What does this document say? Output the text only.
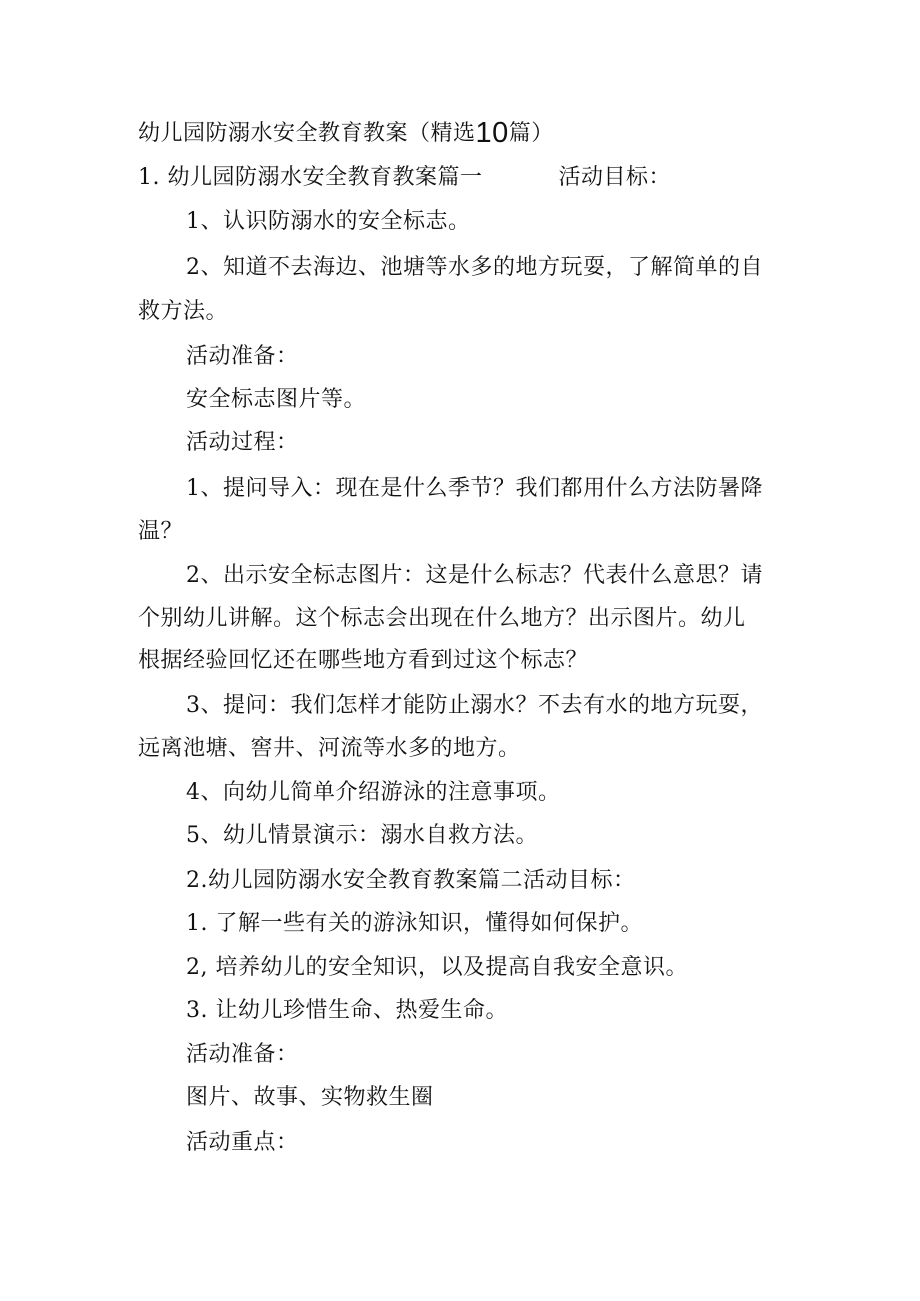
幼儿园防溺水安全教育教案（精选10篇）
1. 幼儿园防溺水安全教育教案篇一	活动目标：
1、认识防溺水的安全标志。
2、知道不去海边、池塘等水多的地方玩耍，了解简单的自
救方法。
活动准备：
安全标志图片等。
活动过程：
1、提问导入：现在是什么季节？我们都用什么方法防暑降
温？
2、出示安全标志图片：这是什么标志？代表什么意思？请
个别幼儿讲解。这个标志会出现在什么地方？出示图片。幼儿
根据经验回忆还在哪些地方看到过这个标志？
3、提问：我们怎样才能防止溺水？不去有水的地方玩耍，
远离池塘、窖井、河流等水多的地方。
4、向幼儿简单介绍游泳的注意事项。
5、幼儿情景演示：溺水自救方法。
2.幼儿园防溺水安全教育教案篇二活动目标：
1. 了解一些有关的游泳知识，懂得如何保护。
2, 培养幼儿的安全知识，以及提高自我安全意识。
3. 让幼儿珍惜生命、热爱生命。
活动准备：
图片、故事、实物救生圈
活动重点：
